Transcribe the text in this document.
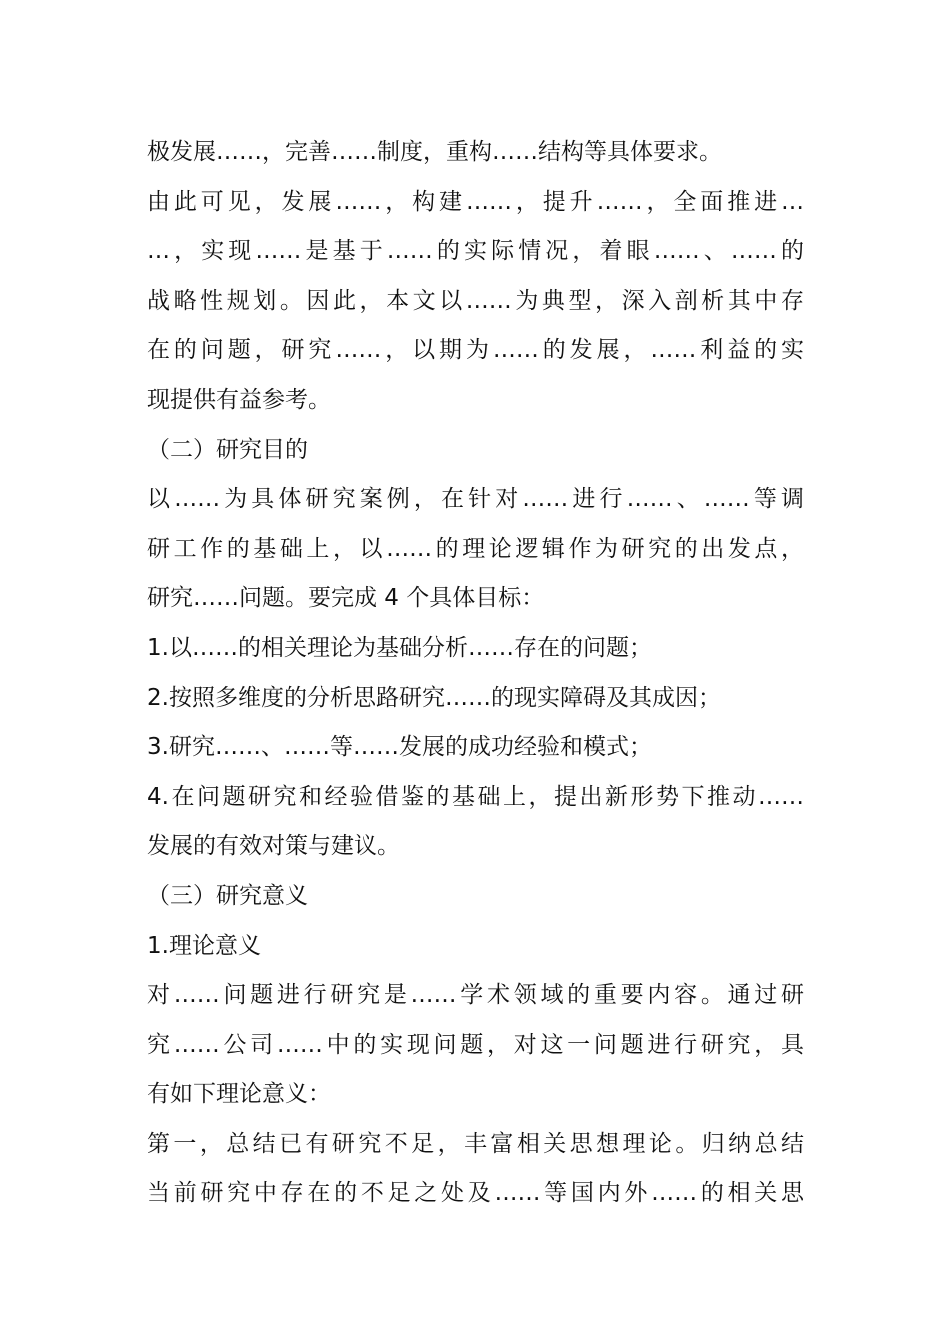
极发展……，完善……制度，重构……结构等具体要求。
由此可见，发展……，构建……，提升……，全面推进…
…，实现……是基于……的实际情况，着眼……、……的
战略性规划。因此，本文以……为典型，深入剖析其中存
在的问题，研究……，以期为……的发展，……利益的实
现提供有益参考。
（二）研究目的
以……为具体研究案例，在针对……进行……、……等调
研工作的基础上，以……的理论逻辑作为研究的出发点，
研究……问题。要完成 4 个具体目标：
1.以……的相关理论为基础分析……存在的问题；
2.按照多维度的分析思路研究……的现实障碍及其成因；
3.研究……、……等……发展的成功经验和模式；
4.在问题研究和经验借鉴的基础上，提出新形势下推动……
发展的有效对策与建议。
（三）研究意义
1.理论意义
对……问题进行研究是……学术领域的重要内容。通过研
究……公司……中的实现问题，对这一问题进行研究，具
有如下理论意义：
第一，总结已有研究不足，丰富相关思想理论。归纳总结
当前研究中存在的不足之处及……等国内外……的相关思
